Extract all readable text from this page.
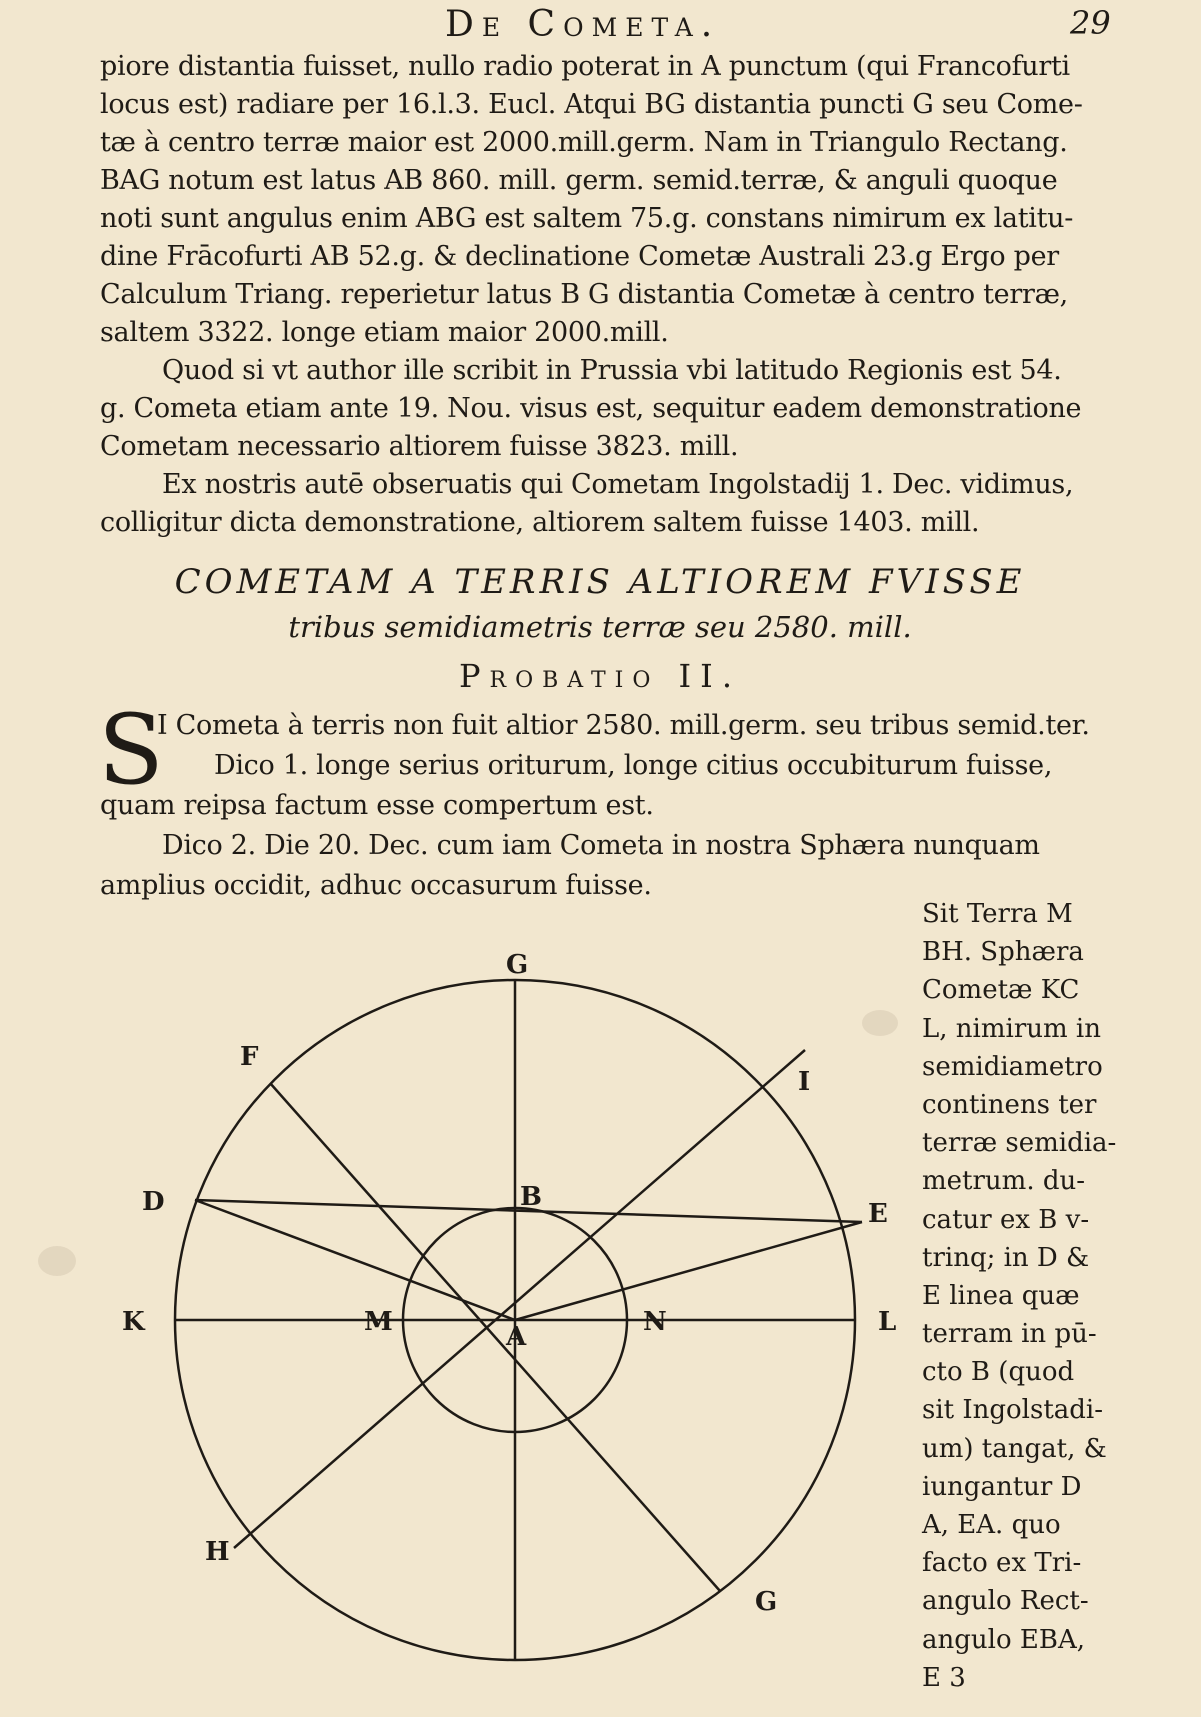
De Cometa.	29
piore distantia fuisset, nullo radio poterat in A punctum (qui Francofurti
locus est) radiare per 16.l.3. Eucl. Atqui BG distantia puncti G seu Come-
tæ à centro terræ maior est 2000.mill.germ. Nam in Triangulo Rectang.
BAG notum est latus AB 860. mill. germ. semid.terræ, & anguli quoque
noti sunt angulus enim ABG est saltem 75.g. constans nimirum ex latitu-
dine Frācofurti AB 52.g. & declinatione Cometæ Australi 23.g Ergo per
Calculum Triang. reperietur latus B G distantia Cometæ à centro terræ,
saltem 3322. longe etiam maior 2000.mill.
Quod si vt author ille scribit in Prussia vbi latitudo Regionis est 54.
g. Cometa etiam ante 19. Nou. visus est, sequitur eadem demonstratione
Cometam necessario altiorem fuisse 3823. mill.
Ex nostris autē obseruatis qui Cometam Ingolstadij 1. Dec. vidimus,
colligitur dicta demonstratione, altiorem saltem fuisse 1403. mill.
COMETAM A TERRIS ALTIOREM FVISSE
tribus semidiametris terræ seu 2580. mill.
Probatio II.
S
I Cometa à terris non fuit altior 2580. mill.germ. seu tribus semid.ter.
Dico 1. longe serius oriturum, longe citius occubiturum fuisse,
quam reipsa factum esse compertum est.
Dico 2. Die 20. Dec. cum iam Cometa in nostra Sphæra nunquam
amplius occidit, adhuc occasurum fuisse.
G
F
I
D	B
E
K	M	A	N	L
H
G
Sit Terra M
BH. Sphæra
Cometæ KC
L, nimirum in
semidiametro
continens ter
terræ semidia-
metrum. du-
catur ex B v-
trinq; in D &
E linea quæ
terram in pū-
cto B (quod
sit Ingolstadi-
um) tangat, &
iungantur D
A, EA. quo
facto ex Tri-
angulo Rect-
angulo EBA,
E 3
